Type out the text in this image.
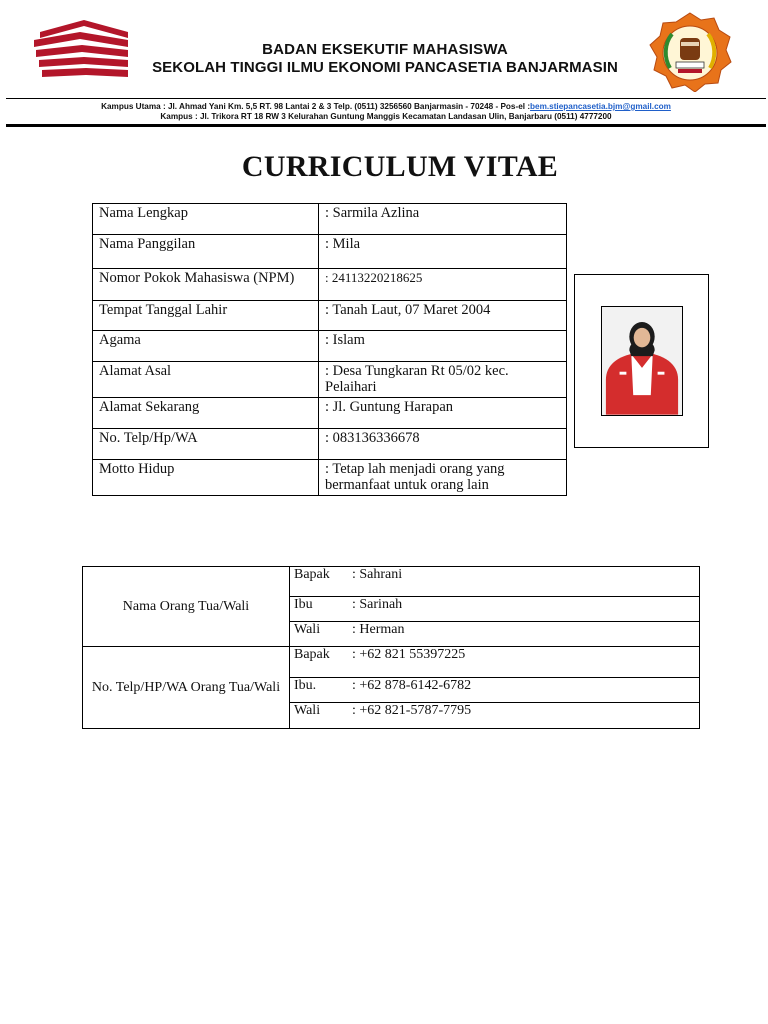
BADAN EKSEKUTIF MAHASISWA
SEKOLAH TINGGI ILMU EKONOMI PANCASETIA BANJARMASIN
Kampus Utama : Jl. Ahmad Yani Km. 5,5 RT. 98 Lantai 2 & 3 Telp. (0511) 3256560 Banjarmasin - 70248 - Pos-el :bem.stiepancasetia.bjm@gmail.com
Kampus : Jl. Trikora RT 18 RW 3 Kelurahan Guntung Manggis Kecamatan Landasan Ulin, Banjarbaru (0511) 4777200
CURRICULUM VITAE
Nama Lengkap	: Sarmila Azlina
Nama Panggilan	: Mila
Nomor Pokok Mahasiswa (NPM)	: 24113220218625
Tempat Tanggal Lahir	: Tanah Laut, 07 Maret 2004
Agama	: Islam
Alamat Asal	: Desa Tungkaran Rt 05/02 kec.
Pelaihari

Alamat Sekarang	: Jl. Guntung Harapan
No. Telp/Hp/WA	: 083136336678
Motto Hidup	: Tetap lah menjadi orang yang
bermanfaat untuk orang lain
Nama Orang Tua/Wali	Bapak : Sahrani
	Ibu : Sarinah
	Wali : Herman
No. Telp/HP/WA Orang Tua/Wali	Bapak : +62 821 55397225
	Ibu. : +62 878-6142-6782
	Wali : +62 821-5787-7795
